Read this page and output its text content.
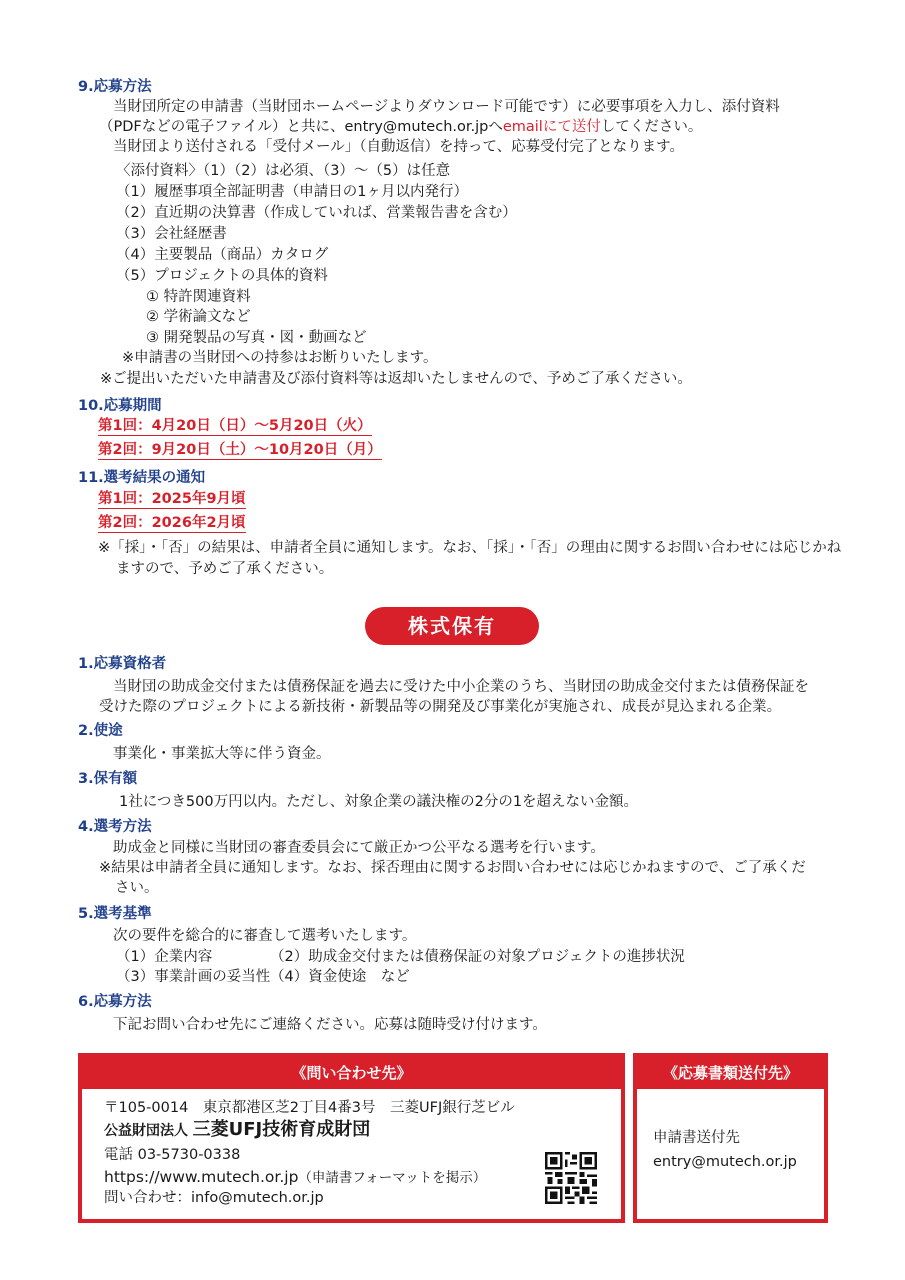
9.応募方法
当財団所定の申請書（当財団ホームページよりダウンロード可能です）に必要事項を入力し、添付資料
（PDFなどの電子ファイル）と共に、entry@mutech.or.jpへemailにて送付してください。
当財団より送付される「受付メール」（自動返信）を持って、応募受付完了となります。
〈添付資料〉（1）（2）は必須、（3）～（5）は任意
（1）履歴事項全部証明書（申請日の1ヶ月以内発行）
（2）直近期の決算書（作成していれば、営業報告書を含む）
（3）会社経歴書
（4）主要製品（商品）カタログ
（5）プロジェクトの具体的資料
① 特許関連資料
② 学術論文など
③ 開発製品の写真・図・動画など
※申請書の当財団への持参はお断りいたします。
※ご提出いただいた申請書及び添付資料等は返却いたしませんので、予めご了承ください。
10.応募期間
第1回：4月20日（日）～5月20日（火）
第2回：9月20日（土）～10月20日（月）
11.選考結果の通知
第1回：2025年9月頃
第2回：2026年2月頃
※「採」・「否」の結果は、申請者全員に通知します。なお、「採」・「否」の理由に関するお問い合わせには応じかね
ますので、予めご了承ください。
株式保有
1.応募資格者
当財団の助成金交付または債務保証を過去に受けた中小企業のうち、当財団の助成金交付または債務保証を
受けた際のプロジェクトによる新技術・新製品等の開発及び事業化が実施され、成長が見込まれる企業。
2.使途
事業化・事業拡大等に伴う資金。
3.保有額
1社につき500万円以内。ただし、対象企業の議決権の2分の1を超えない金額。
4.選考方法
助成金と同様に当財団の審査委員会にて厳正かつ公平なる選考を行います。
※結果は申請者全員に通知します。なお、採否理由に関するお問い合わせには応じかねますので、ご了承くだ
さい。
5.選考基準
次の要件を総合的に審査して選考いたします。
（1）企業内容	（2）助成金交付または債務保証の対象プロジェクトの進捗状況
（3）事業計画の妥当性 （4）資金使途　など
6.応募方法
下記お問い合わせ先にご連絡ください。応募は随時受け付けます。
《問い合わせ先》
〒105-0014　東京都港区芝2丁目4番3号　三菱UFJ銀行芝ビル
公益財団法人 三菱UFJ技術育成財団
電話 03-5730-0338
https://www.mutech.or.jp（申請書フォーマットを掲示）
問い合わせ：info@mutech.or.jp
《応募書類送付先》
申請書送付先
entry@mutech.or.jp
